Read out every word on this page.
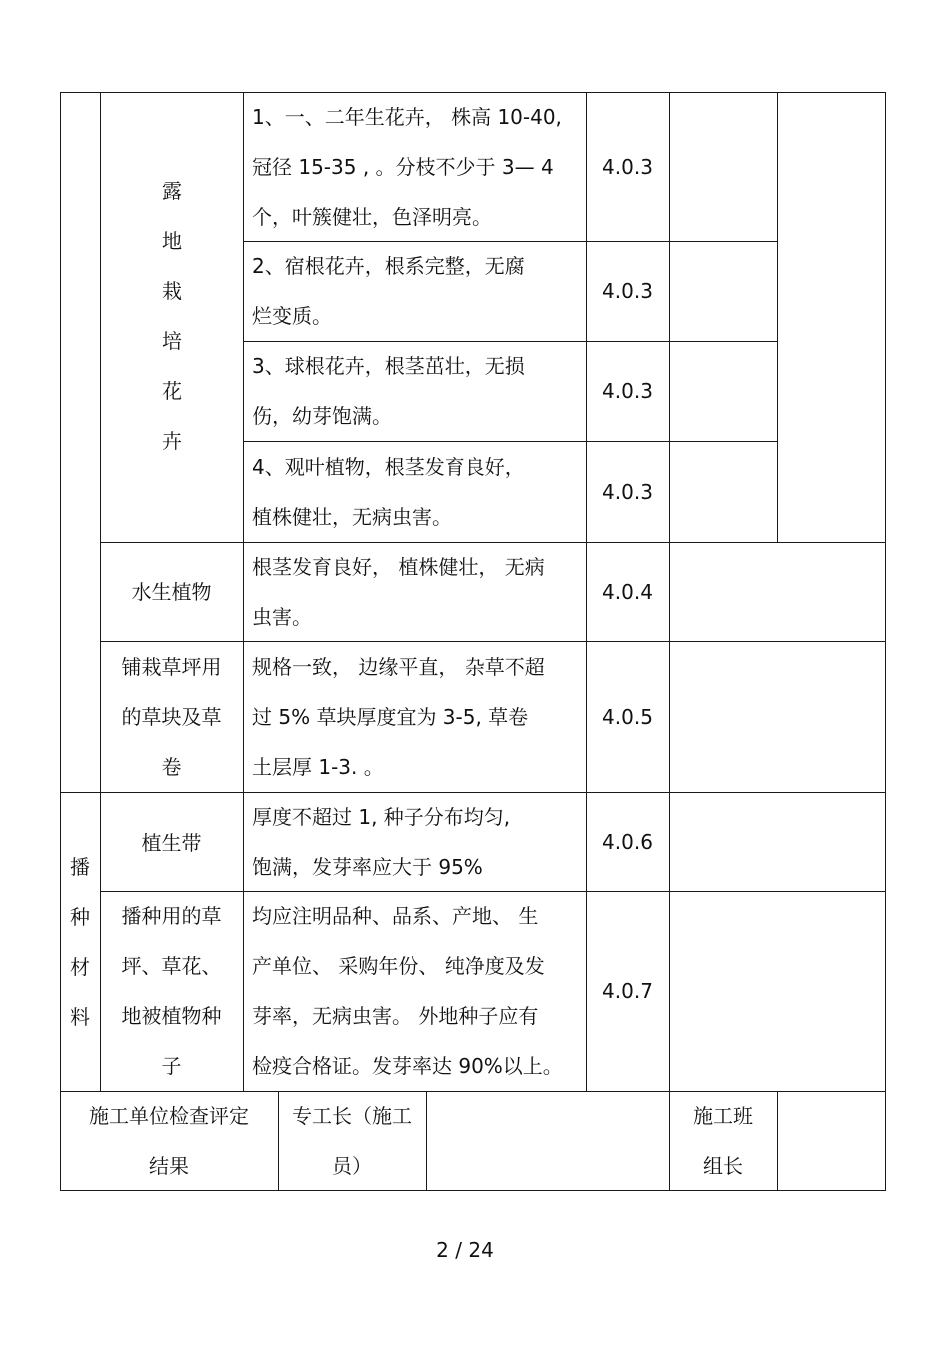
露
地
栽
培
花
卉
1、一、二年生花卉， 株高 10-40,
冠径 15-35 , 。分枝不少于 3— 4
个，叶簇健壮，色泽明亮。
4.0.3
2、宿根花卉，根系完整，无腐
烂变质。
4.0.3
3、球根花卉，根茎茁壮，无损
伤，幼芽饱满。
4.0.3
4、观叶植物，根茎发育良好，
植株健壮，无病虫害。
4.0.3
水生植物
根茎发育良好， 植株健壮， 无病
虫害。
4.0.4
铺栽草坪用
的草块及草
卷
规格一致， 边缘平直， 杂草不超
过 5% 草块厚度宜为 3-5, 草卷
土层厚 1-3. 。
4.0.5
播
种
材
料
植生带
厚度不超过 1, 种子分布均匀,
饱满，发芽率应大于 95%
4.0.6
播种用的草
坪、草花、
地被植物种
子
均应注明品种、品系、产地、 生
产单位、 采购年份、 纯净度及发
芽率，无病虫害。 外地种子应有
检疫合格证。发芽率达 90%以上。
4.0.7
施工单位检查评定
结果
专工长（施工
员）
施工班
组长
2 / 24
